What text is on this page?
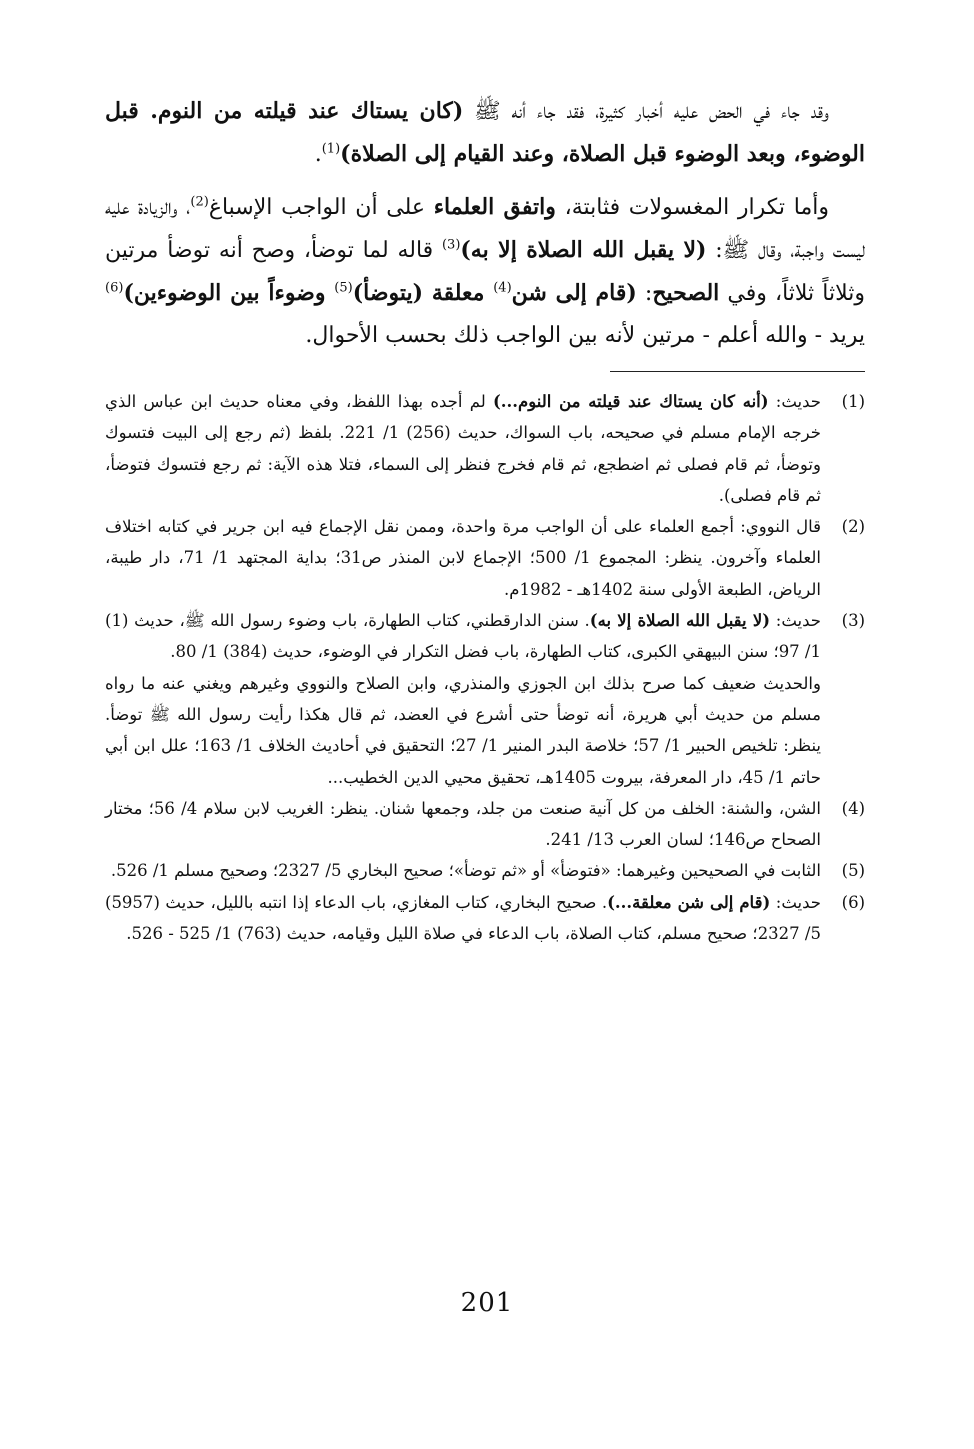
وقد جاء في الحض عليه أخبار كثيرة، فقد جاء أنه ﷺ (كان يستاك عند قيلته من النوم. قبل الوضوء، وبعد الوضوء قبل الصلاة، وعند القيام إلى الصلاة)$^{(1)}$.

وأما تكرار المغسولات فثابتة، واتفق العلماء على أن الواجب الإسباغ$^{(2)}$، والزيادة عليه ليست واجبة، وقال ﷺ: (لا يقبل الله الصلاة إلا به)$^{(3)}$ قاله لما توضأ، وصح أنه توضأ مرتين وثلاثاً ثلاثاً، وفي الصحيح: (قام إلى شن$^{(4)}$ معلقة (يتوضأ)$^{(5)}$ وضوءاً بين الوضوءين)$^{(6)}$ يريد - والله أعلم - مرتين لأنه بين الواجب ذلك بحسب الأحوال.

(1)
حديث: (أنه كان يستاك عند قيلته من النوم...) لم أجده بهذا اللفظ، وفي معناه حديث ابن عباس الذي خرجه الإمام مسلم في صحيحه، باب السواك، حديث (256) 1/ 221. بلفظ (ثم رجع إلى البيت فتسوك وتوضأ، ثم قام فصلى ثم اضطجع، ثم قام فخرج فنظر إلى السماء، فتلا هذه الآية: ثم رجع فتسوك فتوضأ، ثم قام فصلى).
(2)
قال النووي: أجمع العلماء على أن الواجب مرة واحدة، وممن نقل الإجماع فيه ابن جرير في كتابه اختلاف العلماء وآخرون. ينظر: المجموع 1/ 500؛ الإجماع لابن المنذر ص31؛ بداية المجتهد 1/ 71، دار طيبة، الرياض، الطبعة الأولى سنة 1402هـ - 1982م.
(3)

حديث: (لا يقبل الله الصلاة إلا به). سنن الدارقطني، كتاب الطهارة، باب وضوء رسول الله ﷺ، حديث (1) 1/ 97؛ سنن البيهقي الكبرى، كتاب الطهارة، باب فضل التكرار في الوضوء، حديث (384) 1/ 80.

والحديث ضعيف كما صرح بذلك ابن الجوزي والمنذري، وابن الصلاح والنووي وغيرهم ويغني عنه ما رواه مسلم من حديث أبي هريرة، أنه توضأ حتى أشرع في العضد، ثم قال هكذا رأيت رسول الله ﷺ توضأ. ينظر: تلخيص الحبير 1/ 57؛ خلاصة البدر المنير 1/ 27؛ التحقيق في أحاديث الخلاف 1/ 163؛ علل ابن أبي حاتم 1/ 45، دار المعرفة، بيروت 1405هـ، تحقيق محيي الدين الخطيب...

(4)
الشن، والشنة: الخلف من كل آنية صنعت من جلد، وجمعها شنان. ينظر: الغريب لابن سلام 4/ 56؛ مختار الصحاح ص146؛ لسان العرب 13/ 241.
(5)
الثابت في الصحيحين وغيرهما: «فتوضأ» أو «ثم توضأ»؛ صحيح البخاري 5/ 2327؛ وصحيح مسلم 1/ 526.
(6)
حديث: (قام إلى شن معلقة...). صحيح البخاري، كتاب المغازي، باب الدعاء إذا انتبه بالليل، حديث (5957) 5/ 2327؛ صحيح مسلم، كتاب الصلاة، باب الدعاء في صلاة الليل وقيامه، حديث (763) 1/ 525 - 526.
201
